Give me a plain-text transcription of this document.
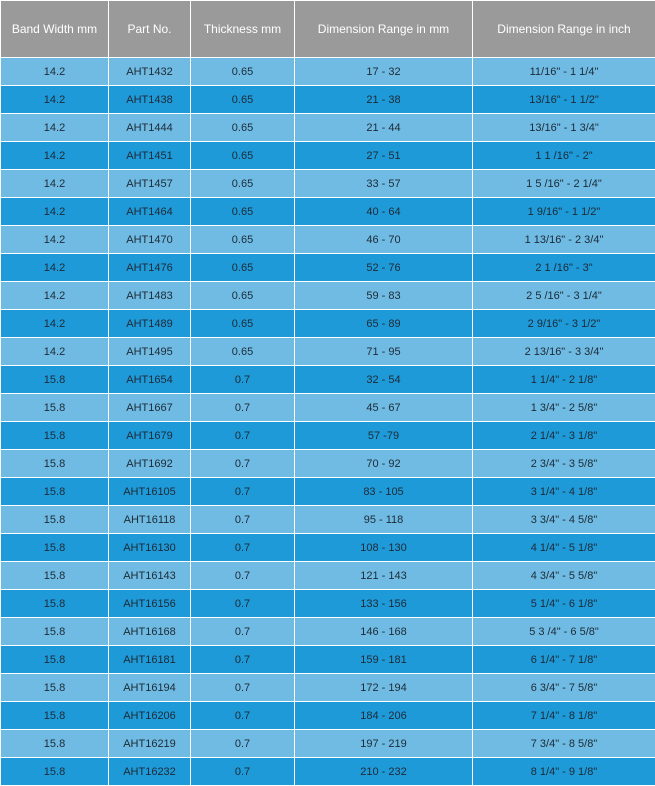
Band Width mm	Part No.	Thickness mm	Dimension Range in mm	Dimension Range in inch
14.2	AHT1432	0.65	17 - 32	11/16" - 1 1/4"
14.2	AHT1438	0.65	21 - 38	13/16" - 1 1/2"
14.2	AHT1444	0.65	21 - 44	13/16" - 1 3/4"
14.2	AHT1451	0.65	27 - 51	1 1 /16" - 2"
14.2	AHT1457	0.65	33 - 57	1 5 /16" - 2 1/4"
14.2	AHT1464	0.65	40 - 64	1 9/16" - 1 1/2"
14.2	AHT1470	0.65	46 - 70	1 13/16" - 2 3/4"
14.2	AHT1476	0.65	52 - 76	2 1 /16" - 3"
14.2	AHT1483	0.65	59 - 83	2 5 /16" - 3 1/4"
14.2	AHT1489	0.65	65 - 89	2 9/16" - 3 1/2"
14.2	AHT1495	0.65	71 - 95	2 13/16" - 3 3/4"
15.8	AHT1654	0.7	32 - 54	1 1/4" - 2 1/8"
15.8	AHT1667	0.7	45 - 67	1 3/4" - 2 5/8"
15.8	AHT1679	0.7	57 -79	2 1/4" - 3 1/8"
15.8	AHT1692	0.7	70 - 92	2 3/4" - 3 5/8"
15.8	AHT16105	0.7	83 - 105	3 1/4" - 4 1/8"
15.8	AHT16118	0.7	95 - 118	3 3/4" - 4 5/8"
15.8	AHT16130	0.7	108 - 130	4 1/4" - 5 1/8"
15.8	AHT16143	0.7	121 - 143	4 3/4" - 5 5/8"
15.8	AHT16156	0.7	133 - 156	5 1/4" - 6 1/8"
15.8	AHT16168	0.7	146 - 168	5 3 /4" - 6 5/8"
15.8	AHT16181	0.7	159 - 181	6 1/4" - 7 1/8"
15.8	AHT16194	0.7	172 - 194	6 3/4" - 7 5/8"
15.8	AHT16206	0.7	184 - 206	7 1/4" - 8 1/8"
15.8	AHT16219	0.7	197 - 219	7 3/4" - 8 5/8"
15.8	AHT16232	0.7	210 - 232	8 1/4" - 9 1/8"
